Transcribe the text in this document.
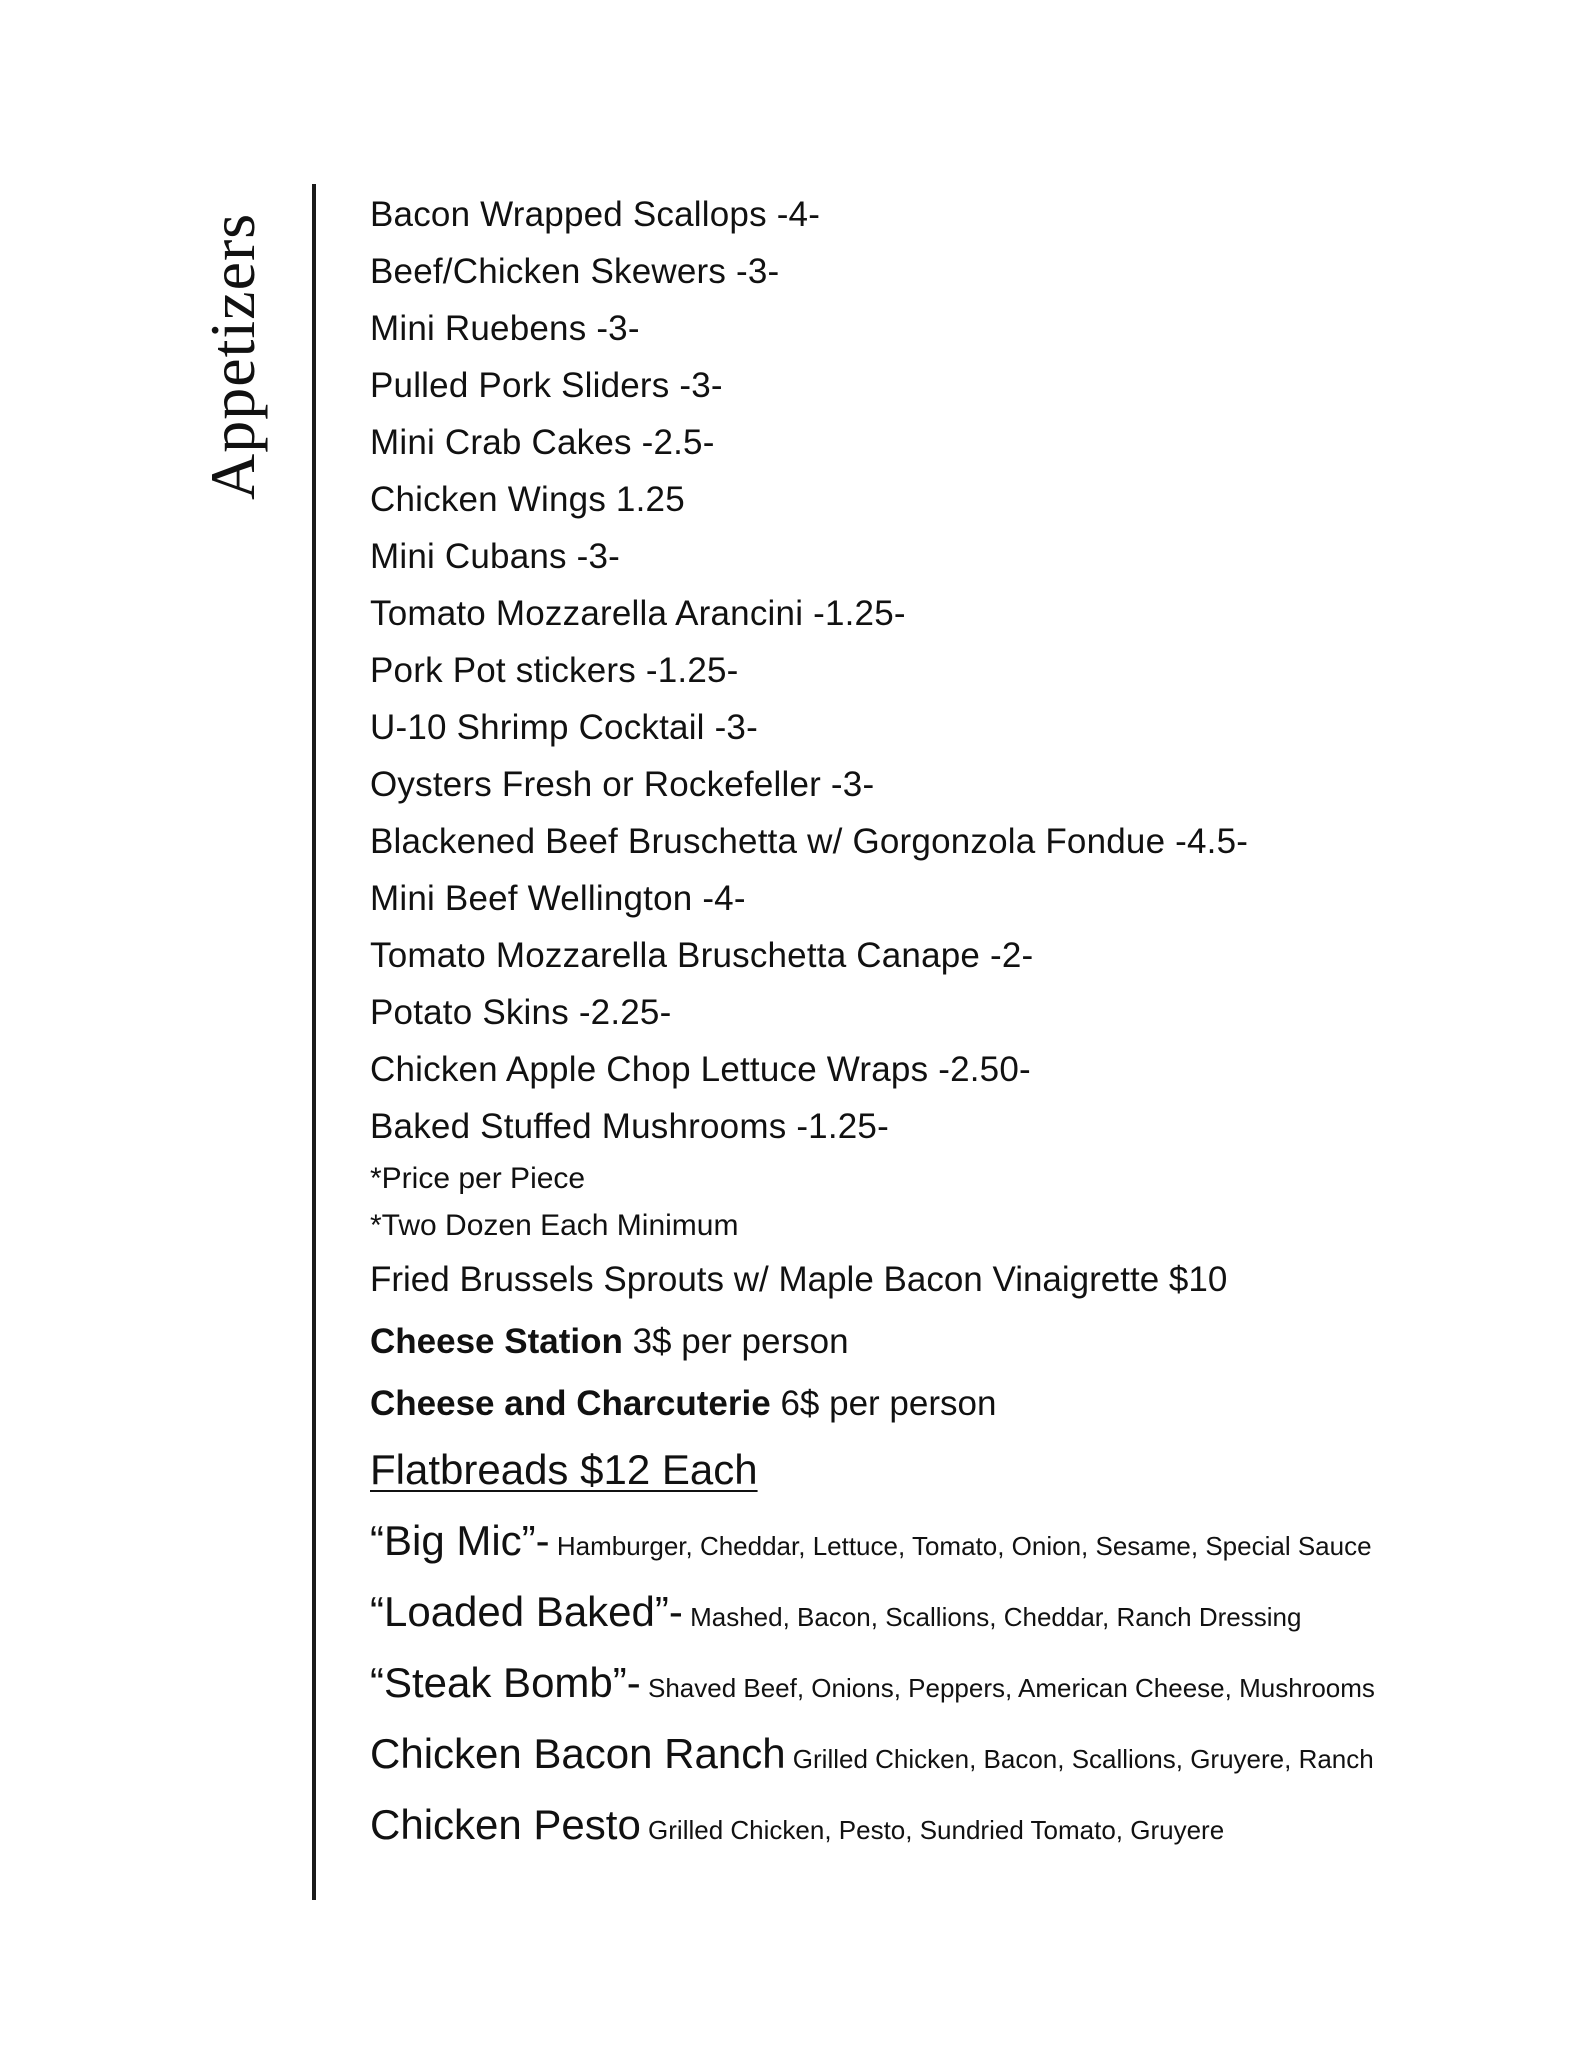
Appetizers	Bacon Wrapped Scallops -4-
Beef/Chicken Skewers -3-
Mini Ruebens -3-
Pulled Pork Sliders -3-
Mini Crab Cakes -2.5-
Chicken Wings 1.25
Mini Cubans -3-
Tomato Mozzarella Arancini -1.25-
Pork Pot stickers -1.25-
U-10 Shrimp Cocktail -3-
Oysters Fresh or Rockefeller -3-
Blackened Beef Bruschetta w/ Gorgonzola Fondue -4.5-
Mini Beef Wellington -4-
Tomato Mozzarella Bruschetta Canape -2-
Potato Skins -2.25-
Chicken Apple Chop Lettuce Wraps -2.50-
Baked Stuffed Mushrooms -1.25-
*Price per Piece
*Two Dozen Each Minimum
Fried Brussels Sprouts w/ Maple Bacon Vinaigrette $10
Cheese Station 3$ per person
Cheese and Charcuterie 6$ per person
Flatbreads $12 Each
“Big Mic”- Hamburger, Cheddar, Lettuce, Tomato, Onion, Sesame, Special Sauce
“Loaded Baked”- Mashed, Bacon, Scallions, Cheddar, Ranch Dressing
“Steak Bomb”- Shaved Beef, Onions, Peppers, American Cheese, Mushrooms
Chicken Bacon Ranch Grilled Chicken, Bacon, Scallions, Gruyere, Ranch
Chicken Pesto Grilled Chicken, Pesto, Sundried Tomato, Gruyere
